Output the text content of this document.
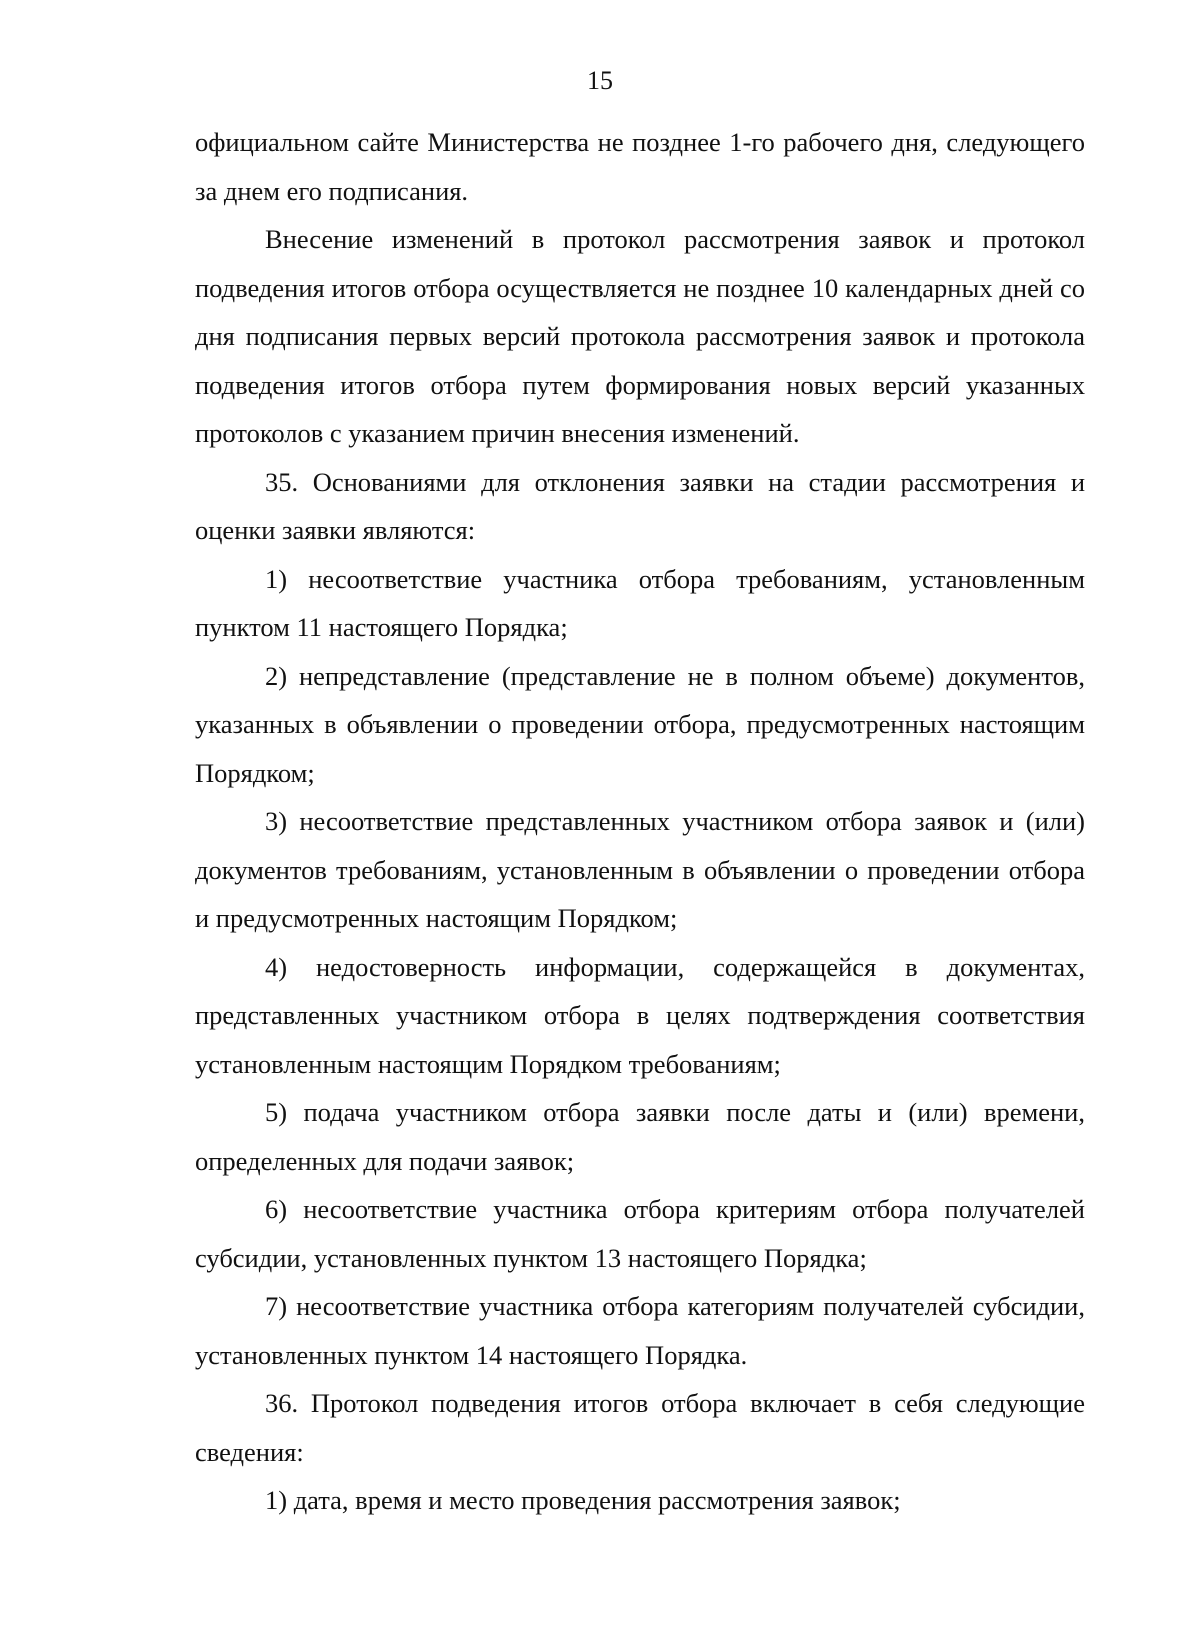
15

официальном сайте Министерства не позднее 1-го рабочего дня, следующего за днем его подписания.

Внесение изменений в протокол рассмотрения заявок и протокол подведения итогов отбора осуществляется не позднее 10 календарных дней со дня подписания первых версий протокола рассмотрения заявок и протокола подведения итогов отбора путем формирования новых версий указанных протоколов с указанием причин внесения изменений.

35. Основаниями для отклонения заявки на стадии рассмотрения и оценки заявки являются:

1) несоответствие участника отбора требованиям, установленным пунктом 11 настоящего Порядка;

2) непредставление (представление не в полном объеме) документов, указанных в объявлении о проведении отбора, предусмотренных настоящим Порядком;

3) несоответствие представленных участником отбора заявок и (или) документов требованиям, установленным в объявлении о проведении отбора и предусмотренных настоящим Порядком;

4) недостоверность информации, содержащейся в документах, представленных участником отбора в целях подтверждения соответствия установленным настоящим Порядком требованиям;

5) подача участником отбора заявки после даты и (или) времени, определенных для подачи заявок;

6) несоответствие участника отбора критериям отбора получателей субсидии, установленных пунктом 13 настоящего Порядка;

7) несоответствие участника отбора категориям получателей субсидии, установленных пунктом 14 настоящего Порядка.

36. Протокол подведения итогов отбора включает в себя следующие сведения:

1) дата, время и место проведения рассмотрения заявок;
